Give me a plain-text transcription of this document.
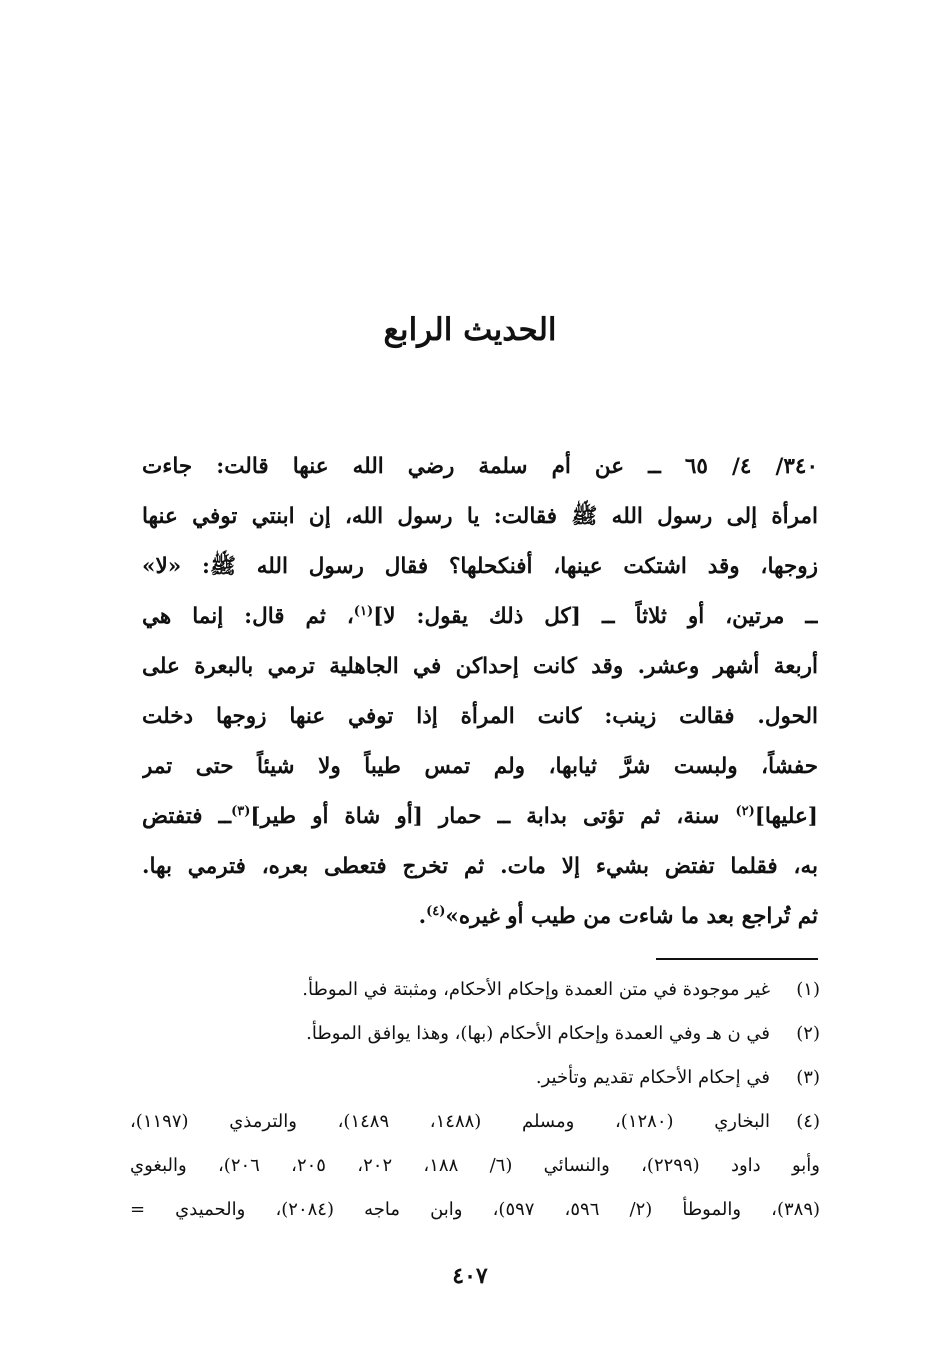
الحديث الرابع
٣٤٠/ ٤/ ٦٥ ــ عن أم سلمة رضي الله عنها قالت: جاءت
امرأة إلى رسول الله ﷺ فقالت: يا رسول الله، إن ابنتي توفي عنها
زوجها، وقد اشتكت عينها، أفنكحلها؟ فقال رسول الله ﷺ: «لا»
ــ مرتين، أو ثلاثاً ــ [كل ذلك يقول: لا]$^{(١)}$، ثم قال: إنما هي
أربعة أشهر وعشر. وقد كانت إحداكن في الجاهلية ترمي بالبعرة على
الحول. فقالت زينب: كانت المرأة إذا توفي عنها زوجها دخلت
حفشاً، ولبست شرَّ ثيابها، ولم تمس طيباً ولا شيئاً حتى تمر
[عليها]$^{(٢)}$ سنة، ثم تؤتى بدابة ــ حمار [أو شاة أو طير]$^{(٣)}$ــ فتفتض
به، فقلما تفتض بشيء إلا مات. ثم تخرج فتعطى بعره، فترمي بها.
ثم تُراجع بعد ما شاءت من طيب أو غيره»$^{(٤)}$.
(١)
غير موجودة في متن العمدة وإحكام الأحكام، ومثبتة في الموطأ.
(٢)
في ن هـ وفي العمدة وإحكام الأحكام (بها)، وهذا يوافق الموطأ.
(٣)
في إحكام الأحكام تقديم وتأخير.
(٤)
البخاري (١٢٨٠)، ومسلم (١٤٨٨، ١٤٨٩)، والترمذي (١١٩٧)،
وأبو داود (٢٢٩٩)، والنسائي (٦/ ١٨٨، ٢٠٢، ٢٠٥، ٢٠٦)، والبغوي
(٣٨٩)، والموطأ (٢/ ٥٩٦، ٥٩٧)، وابن ماجه (٢٠٨٤)، والحميدي =
٤٠٧
